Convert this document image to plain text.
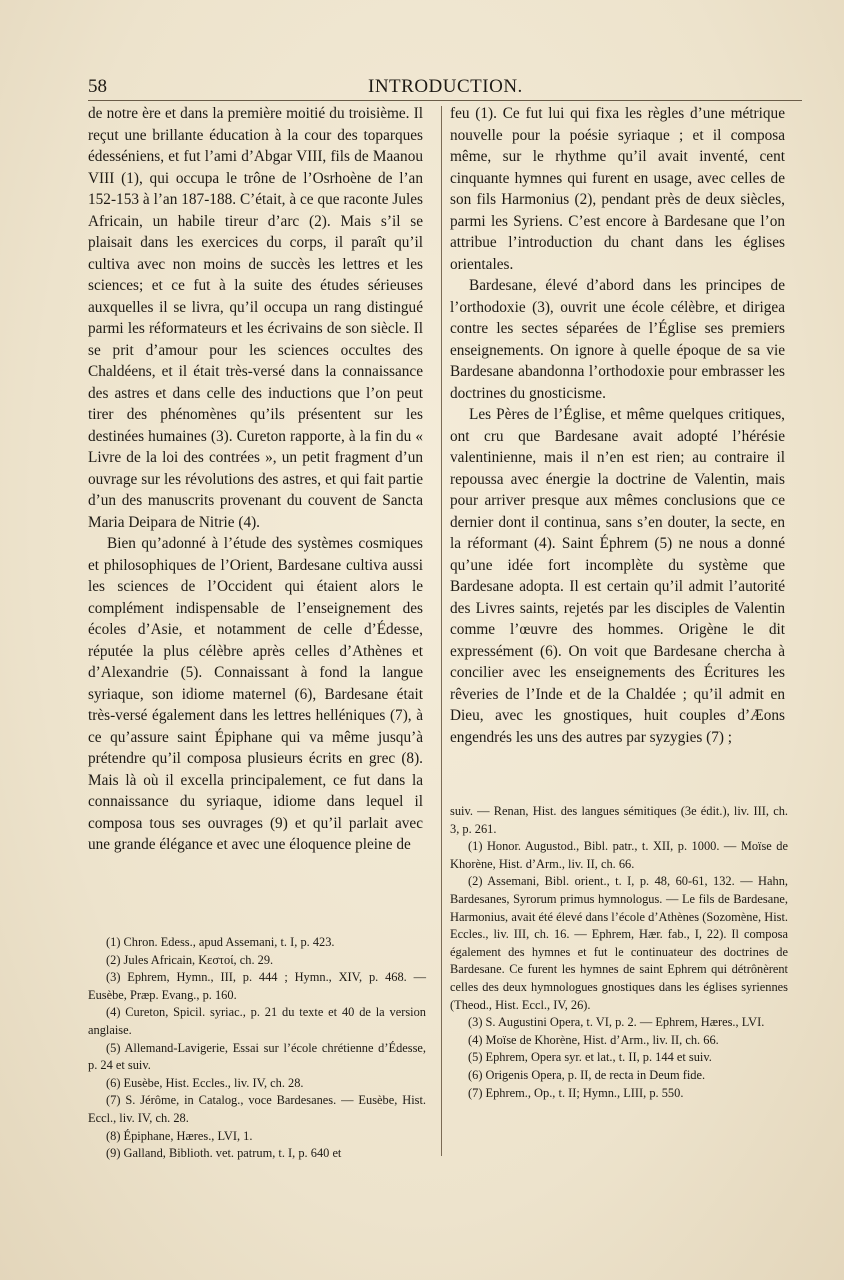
58	INTRODUCTION.

de notre ère et dans la première moitié du troisième. Il reçut une brillante éducation à la cour des toparques édesséniens, et fut l’ami d’Abgar VIII, fils de Maanou VIII (1), qui occupa le trône de l’Osrhoène de l’an 152-153 à l’an 187-188. C’était, à ce que raconte Jules Africain, un habile tireur d’arc (2). Mais s’il se plaisait dans les exercices du corps, il paraît qu’il cultiva avec non moins de succès les lettres et les sciences; et ce fut à la suite des études sérieuses auxquelles il se livra, qu’il occupa un rang distingué parmi les réformateurs et les écrivains de son siècle. Il se prit d’amour pour les sciences occultes des Chaldéens, et il était très-versé dans la connaissance des astres et dans celle des inductions que l’on peut tirer des phénomènes qu’ils présentent sur les destinées humaines (3). Cureton rapporte, à la fin du « Livre de la loi des contrées », un petit fragment d’un ouvrage sur les révolutions des astres, et qui fait partie d’un des manuscrits provenant du couvent de Sancta Maria Deipara de Nitrie (4).

Bien qu’adonné à l’étude des systèmes cosmiques et philosophiques de l’Orient, Bardesane cultiva aussi les sciences de l’Occident qui étaient alors le complément indispensable de l’enseignement des écoles d’Asie, et notamment de celle d’Édesse, réputée la plus célèbre après celles d’Athènes et d’Alexandrie (5). Connaissant à fond la langue syriaque, son idiome maternel (6), Bardesane était très-versé également dans les lettres helléniques (7), à ce qu’assure saint Épiphane qui va même jusqu’à prétendre qu’il composa plusieurs écrits en grec (8). Mais là où il excella principalement, ce fut dans la connaissance du syriaque, idiome dans lequel il composa tous ses ouvrages (9) et qu’il parlait avec une grande élégance et avec une éloquence pleine de

feu (1). Ce fut lui qui fixa les règles d’une métrique nouvelle pour la poésie syriaque ; et il composa même, sur le rhythme qu’il avait inventé, cent cinquante hymnes qui furent en usage, avec celles de son fils Harmonius (2), pendant près de deux siècles, parmi les Syriens. C’est encore à Bardesane que l’on attribue l’introduction du chant dans les églises orientales.

Bardesane, élevé d’abord dans les principes de l’orthodoxie (3), ouvrit une école célèbre, et dirigea contre les sectes séparées de l’Église ses premiers enseignements. On ignore à quelle époque de sa vie Bardesane abandonna l’orthodoxie pour embrasser les doctrines du gnosticisme.

Les Pères de l’Église, et même quelques critiques, ont cru que Bardesane avait adopté l’hérésie valentinienne, mais il n’en est rien; au contraire il repoussa avec énergie la doctrine de Valentin, mais pour arriver presque aux mêmes conclusions que ce dernier dont il continua, sans s’en douter, la secte, en la réformant (4). Saint Éphrem (5) ne nous a donné qu’une idée fort incomplète du système que Bardesane adopta. Il est certain qu’il admit l’autorité des Livres saints, rejetés par les disciples de Valentin comme l’œuvre des hommes. Origène le dit expressément (6). On voit que Bardesane chercha à concilier avec les enseignements des Écritures les rêveries de l’Inde et de la Chaldée ; qu’il admit en Dieu, avec les gnostiques, huit couples d’Æons engendrés les uns des autres par syzygies (7) ;

(1) Chron. Edess., apud Assemani, t. I, p. 423.

(2) Jules Africain, Κεστοί, ch. 29.

(3) Ephrem, Hymn., III, p. 444 ; Hymn., XIV, p. 468. — Eusèbe, Præp. Evang., p. 160.

(4) Cureton, Spicil. syriac., p. 21 du texte et 40 de la version anglaise.

(5) Allemand-Lavigerie, Essai sur l’école chrétienne d’Édesse, p. 24 et suiv.

(6) Eusèbe, Hist. Eccles., liv. IV, ch. 28.

(7) S. Jérôme, in Catalog., voce Bardesanes. — Eusèbe, Hist. Eccl., liv. IV, ch. 28.

(8) Épiphane, Hæres., LVI, 1.

(9) Galland, Biblioth. vet. patrum, t. I, p. 640 et

suiv. — Renan, Hist. des langues sémitiques (3e édit.), liv. III, ch. 3, p. 261.

(1) Honor. Augustod., Bibl. patr., t. XII, p. 1000. — Moïse de Khorène, Hist. d’Arm., liv. II, ch. 66.

(2) Assemani, Bibl. orient., t. I, p. 48, 60-61, 132. — Hahn, Bardesanes, Syrorum primus hymnologus. — Le fils de Bardesane, Harmonius, avait été élevé dans l’école d’Athènes (Sozomène, Hist. Eccles., liv. III, ch. 16. — Ephrem, Hær. fab., I, 22). Il composa également des hymnes et fut le continuateur des doctrines de Bardesane. Ce furent les hymnes de saint Ephrem qui détrônèrent celles des deux hymnologues gnostiques dans les églises syriennes (Theod., Hist. Eccl., IV, 26).

(3) S. Augustini Opera, t. VI, p. 2. — Ephrem, Hæres., LVI.

(4) Moïse de Khorène, Hist. d’Arm., liv. II, ch. 66.

(5) Ephrem, Opera syr. et lat., t. II, p. 144 et suiv.

(6) Origenis Opera, p. II, de recta in Deum fide.

(7) Ephrem., Op., t. II; Hymn., LIII, p. 550.
